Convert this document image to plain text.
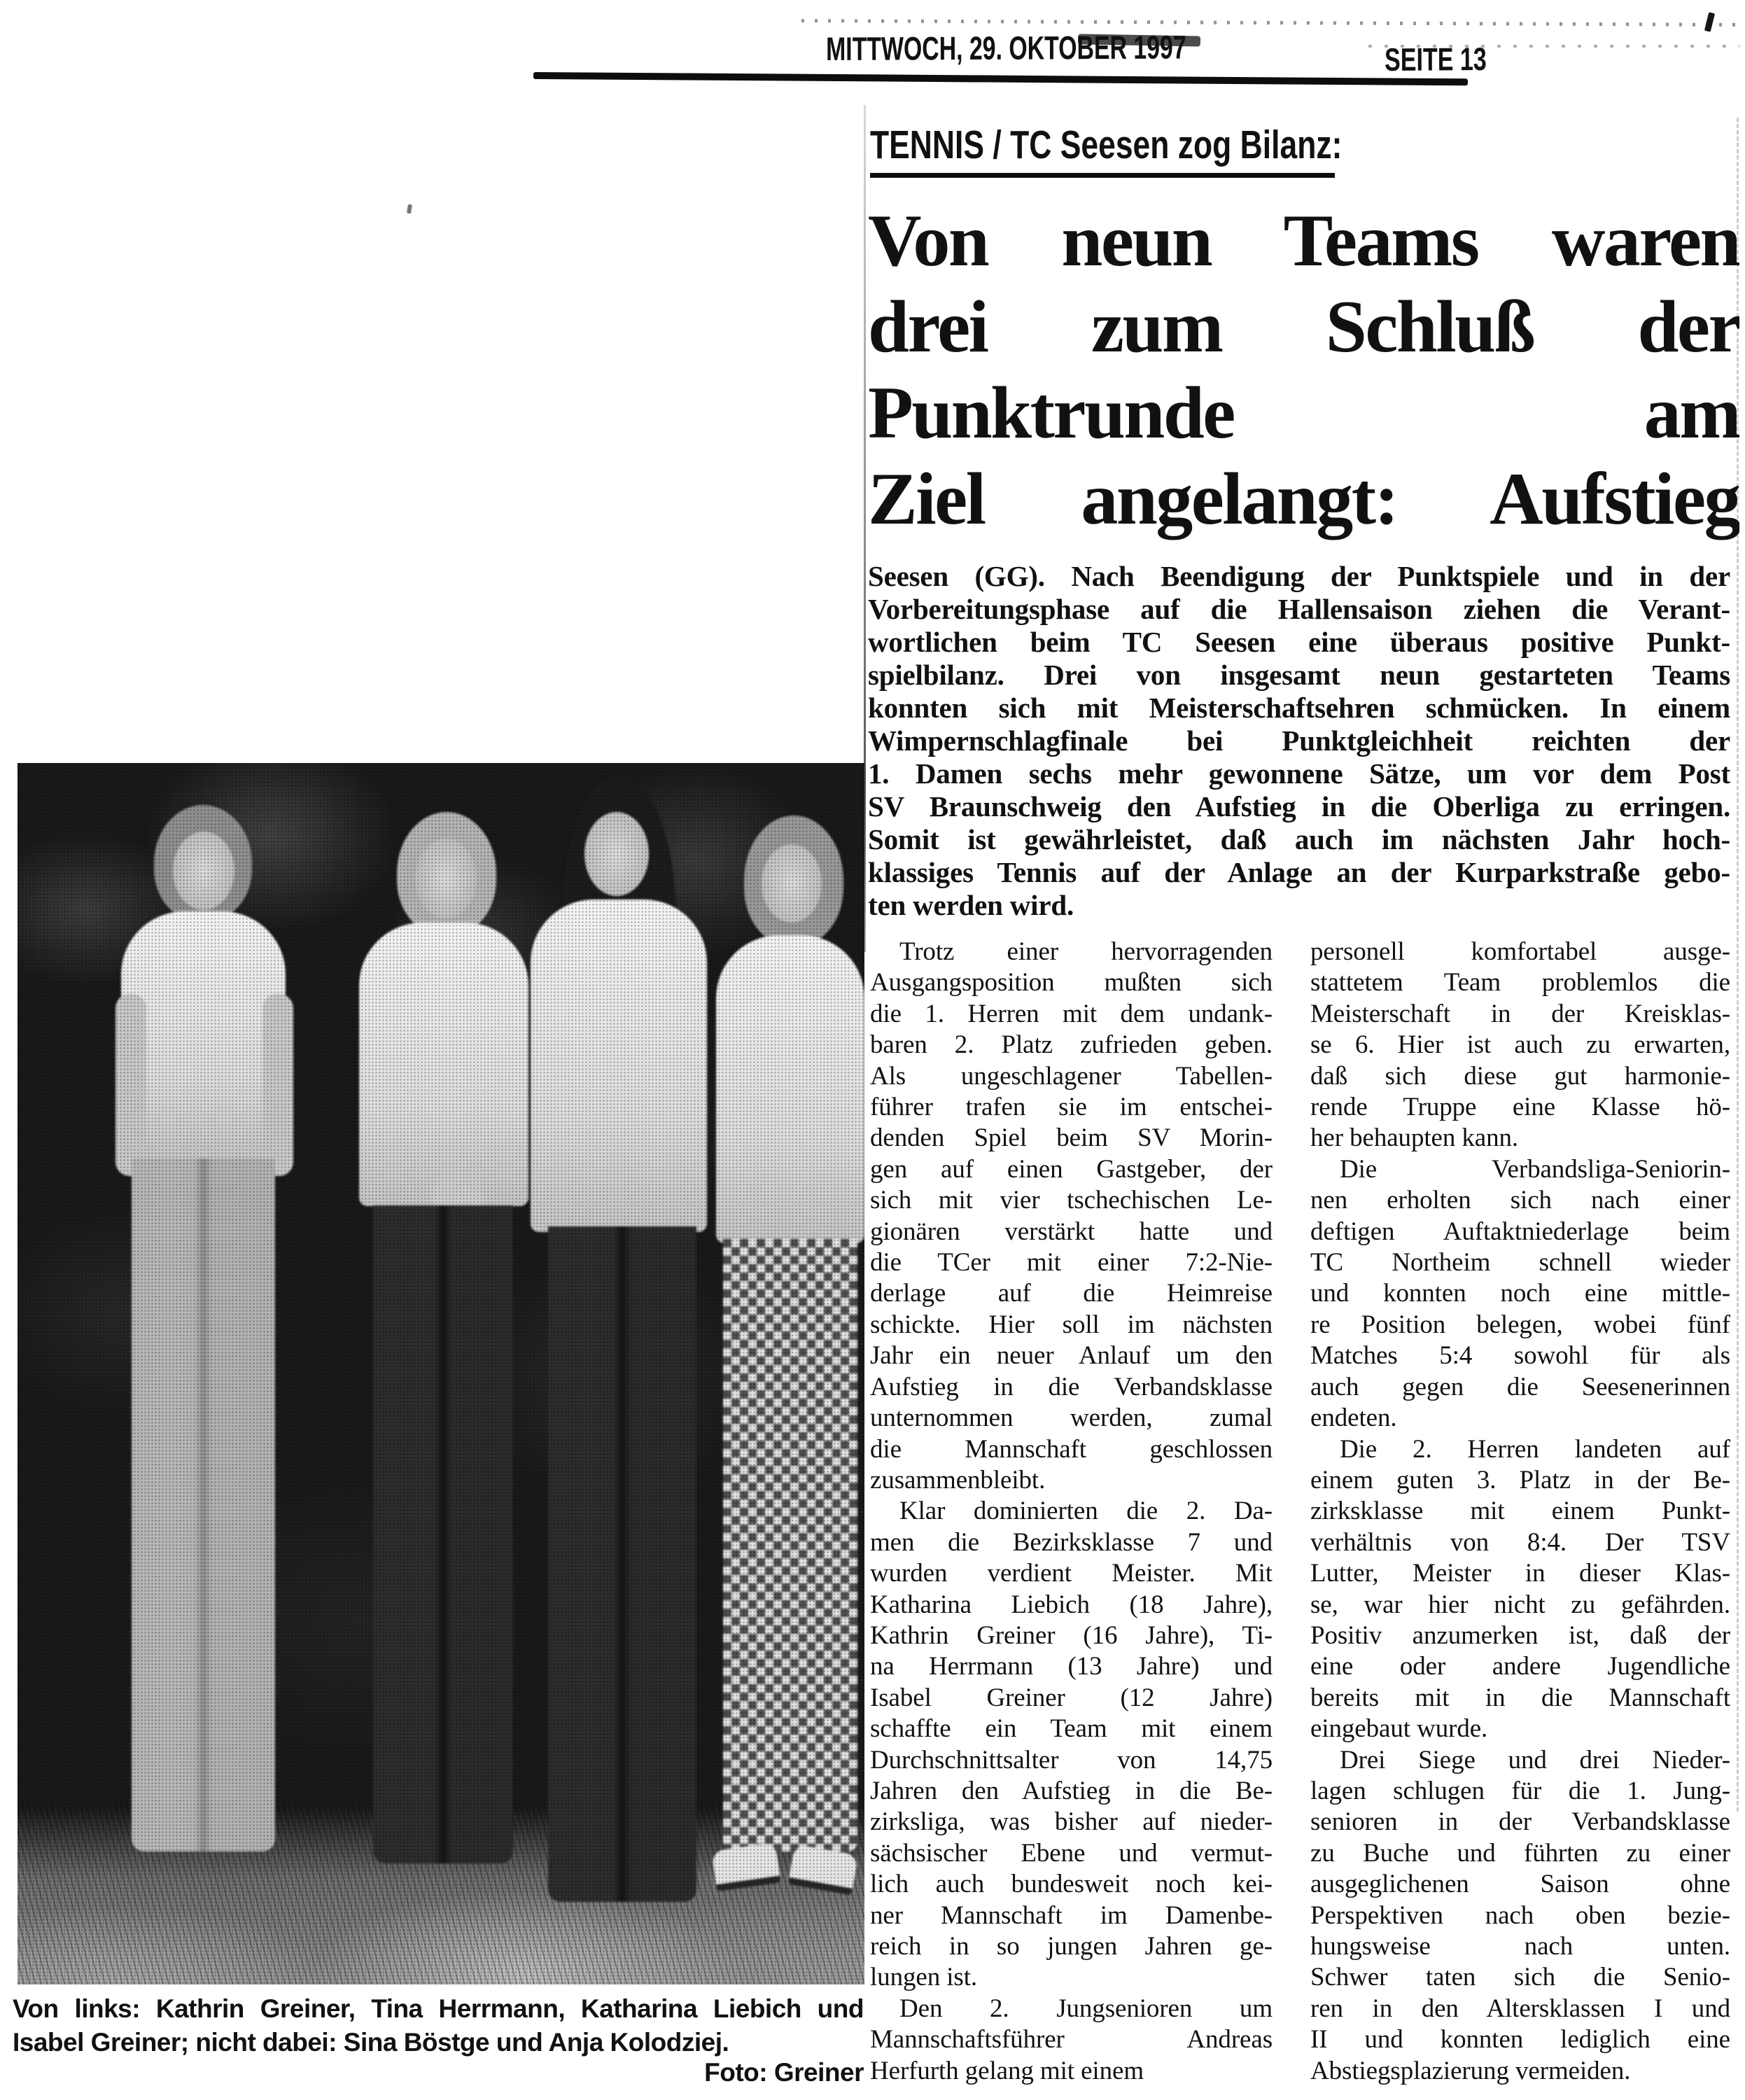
MITTWOCH, 29. OKTOBER 1997	SEITE 13
TENNIS / TC Seesen zog Bilanz:
Von neun Teams waren
drei zum Schluß der
Punktrunde am
Ziel angelangt: Aufstieg

Seesen (GG). Nach Beendigung der Punktspiele und in der
Vorbereitungsphase auf die Hallensaison ziehen die Verant-
wortlichen beim TC Seesen eine überaus positive Punkt-
spielbilanz. Drei von insgesamt neun gestarteten Teams
konnten sich mit Meisterschaftsehren schmücken. In einem
Wimpernschlagfinale bei Punktgleichheit reichten der
1. Damen sechs mehr gewonnene Sätze, um vor dem Post
SV Braunschweig den Aufstieg in die Oberliga zu erringen.
Somit ist gewährleistet, daß auch im nächsten Jahr hoch-
klassiges Tennis auf der Anlage an der Kurparkstraße gebo-
ten werden wird.

Trotz einer hervorragenden
Ausgangsposition mußten sich
die 1. Herren mit dem undank-
baren 2. Platz zufrieden geben.
Als ungeschlagener Tabellen-
führer trafen sie im entschei-
denden Spiel beim SV Morin-
gen auf einen Gastgeber, der
sich mit vier tschechischen Le-
gionären verstärkt hatte und
die TCer mit einer 7:2-Nie-
derlage auf die Heimreise
schickte. Hier soll im nächsten
Jahr ein neuer Anlauf um den
Aufstieg in die Verbandsklasse
unternommen werden, zumal
die Mannschaft geschlossen
zusammenbleibt.

Klar dominierten die 2. Da-
men die Bezirksklasse 7 und
wurden verdient Meister. Mit
Katharina Liebich (18 Jahre),
Kathrin Greiner (16 Jahre), Ti-
na Herrmann (13 Jahre) und
Isabel Greiner (12 Jahre)
schaffte ein Team mit einem
Durchschnittsalter von 14,75
Jahren den Aufstieg in die Be-
zirksliga, was bisher auf nieder-
sächsischer Ebene und vermut-
lich auch bundesweit noch kei-
ner Mannschaft im Damenbe-
reich in so jungen Jahren ge-
lungen ist.

Den 2. Jungsenioren um
Mannschaftsführer Andreas
Herfurth gelang mit einem

personell komfortabel ausge-
stattetem Team problemlos die
Meisterschaft in der Kreisklas-
se 6. Hier ist auch zu erwarten,
daß sich diese gut harmonie-
rende Truppe eine Klasse hö-
her behaupten kann.

Die Verbandsliga-Seniorin-
nen erholten sich nach einer
deftigen Auftaktniederlage beim
TC Northeim schnell wieder
und konnten noch eine mittle-
re Position belegen, wobei fünf
Matches 5:4 sowohl für als
auch gegen die Seesenerinnen
endeten.

Die 2. Herren landeten auf
einem guten 3. Platz in der Be-
zirksklasse mit einem Punkt-
verhältnis von 8:4. Der TSV
Lutter, Meister in dieser Klas-
se, war hier nicht zu gefährden.
Positiv anzumerken ist, daß der
eine oder andere Jugendliche
bereits mit in die Mannschaft
eingebaut wurde.

Drei Siege und drei Nieder-
lagen schlugen für die 1. Jung-
senioren in der Verbandsklasse
zu Buche und führten zu einer
ausgeglichenen Saison ohne
Perspektiven nach oben bezie-
hungsweise nach unten.
Schwer taten sich die Senio-
ren in den Altersklassen I und
II und konnten lediglich eine
Abstiegsplazierung vermeiden.

Von links: Kathrin Greiner, Tina Herrmann, Katharina Liebich und
Isabel Greiner; nicht dabei: Sina Böstge und Anja Kolodziej.

Foto: Greiner
